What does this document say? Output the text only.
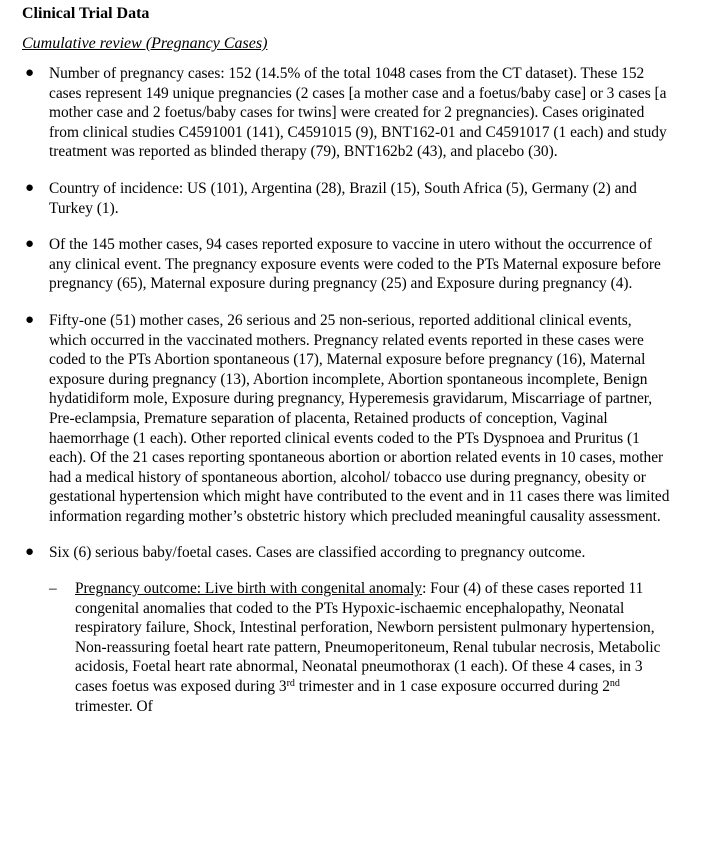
Clinical Trial Data
Cumulative review (Pregnancy Cases)
● Number of pregnancy cases: 152 (14.5% of the total 1048 cases from the CT dataset). These 152 cases represent 149 unique pregnancies (2 cases [a mother case and a foetus/baby case] or 3 cases [a mother case and 2 foetus/baby cases for twins] were created for 2 pregnancies). Cases originated from clinical studies C4591001 (141), C4591015 (9), BNT162-01 and C4591017 (1 each) and study treatment was reported as blinded therapy (79), BNT162b2 (43), and placebo (30).
● Country of incidence: US (101), Argentina (28), Brazil (15), South Africa (5), Germany (2) and Turkey (1).
● Of the 145 mother cases, 94 cases reported exposure to vaccine in utero without the occurrence of any clinical event. The pregnancy exposure events were coded to the PTs Maternal exposure before pregnancy (65), Maternal exposure during pregnancy (25) and Exposure during pregnancy (4).
● Fifty-one (51) mother cases, 26 serious and 25 non-serious, reported additional clinical events, which occurred in the vaccinated mothers. Pregnancy related events reported in these cases were coded to the PTs Abortion spontaneous (17), Maternal exposure before pregnancy (16), Maternal exposure during pregnancy (13), Abortion incomplete, Abortion spontaneous incomplete, Benign hydatidiform mole, Exposure during pregnancy, Hyperemesis gravidarum, Miscarriage of partner, Pre-eclampsia, Premature separation of placenta, Retained products of conception, Vaginal haemorrhage (1 each). Other reported clinical events coded to the PTs Dyspnoea and Pruritus (1 each). Of the 21 cases reporting spontaneous abortion or abortion related events in 10 cases, mother had a medical history of spontaneous abortion, alcohol/ tobacco use during pregnancy, obesity or gestational hypertension which might have contributed to the event and in 11 cases there was limited information regarding mother’s obstetric history which precluded meaningful causality assessment.
● Six (6) serious baby/foetal cases. Cases are classified according to pregnancy outcome.
– Pregnancy outcome: Live birth with congenital anomaly: Four (4) of these cases reported 11 congenital anomalies that coded to the PTs Hypoxic-ischaemic encephalopathy, Neonatal respiratory failure, Shock, Intestinal perforation, Newborn persistent pulmonary hypertension, Non-reassuring foetal heart rate pattern, Pneumoperitoneum, Renal tubular necrosis, Metabolic acidosis, Foetal heart rate abnormal, Neonatal pneumothorax (1 each). Of these 4 cases, in 3 cases foetus was exposed during 3rd trimester and in 1 case exposure occurred during 2nd trimester. Of
